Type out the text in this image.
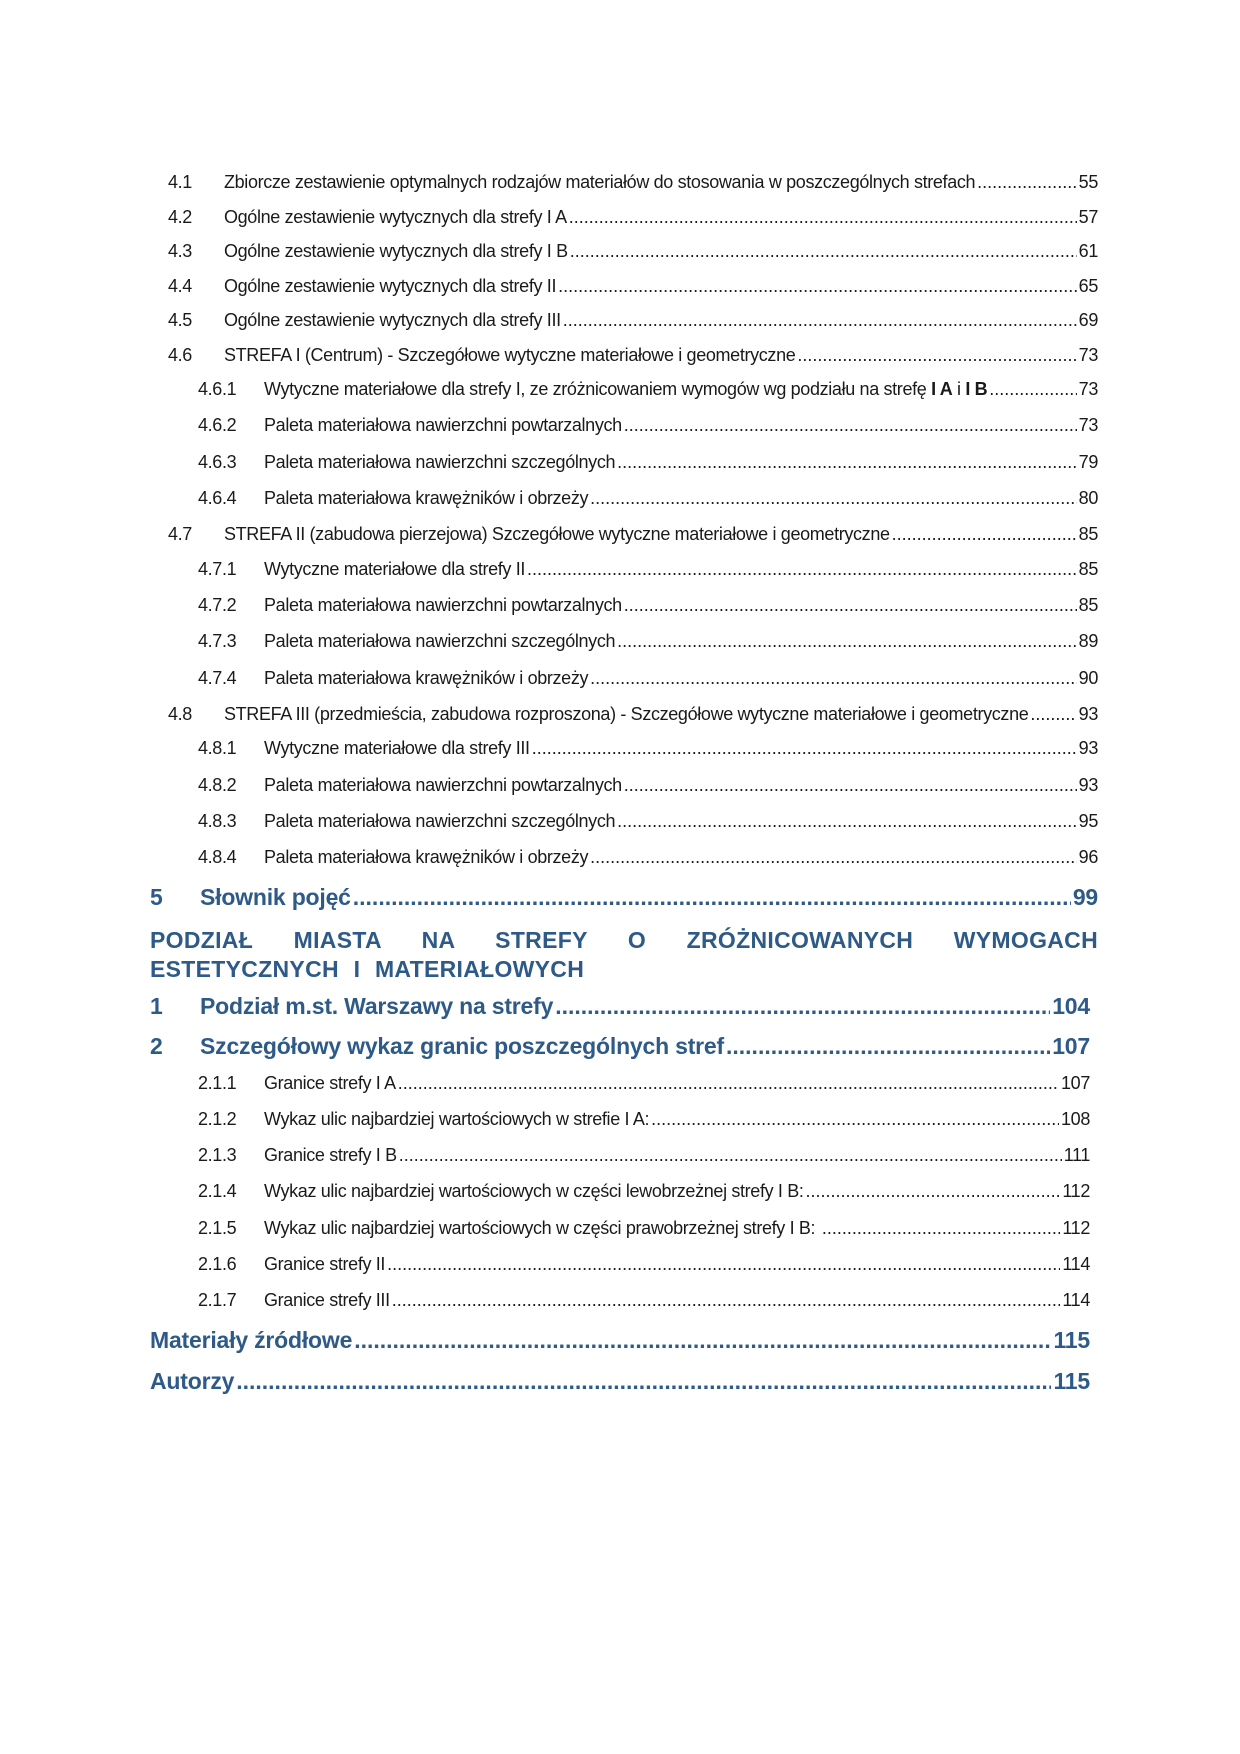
4.1	Zbiorcze zestawienie optymalnych rodzajów materiałów do stosowania w poszczególnych strefach .....	55
4.2	Ogólne zestawienie wytycznych dla strefy I A .....	57
4.3	Ogólne zestawienie wytycznych dla strefy I B .....	61
4.4	Ogólne zestawienie wytycznych dla strefy II .....	65
4.5	Ogólne zestawienie wytycznych dla strefy III .....	69
4.6	STREFA I (Centrum) - Szczegółowe wytyczne materiałowe i geometryczne .....	73
4.6.1	Wytyczne materiałowe dla strefy I, ze zróżnicowaniem wymogów wg podziału na strefę I A i I B .....	73
4.6.2	Paleta materiałowa nawierzchni powtarzalnych .....	73
4.6.3	Paleta materiałowa nawierzchni szczególnych .....	79
4.6.4	Paleta materiałowa krawężników i obrzeży .....	80
4.7	STREFA II (zabudowa pierzejowa) Szczegółowe wytyczne materiałowe i geometryczne .....	85
4.7.1	Wytyczne materiałowe dla strefy II .....	85
4.7.2	Paleta materiałowa nawierzchni powtarzalnych .....	85
4.7.3	Paleta materiałowa nawierzchni szczególnych .....	89
4.7.4	Paleta materiałowa krawężników i obrzeży .....	90
4.8	STREFA III (przedmieścia, zabudowa rozproszona) - Szczegółowe wytyczne materiałowe i geometryczne .....	93
4.8.1	Wytyczne materiałowe dla strefy III .....	93
4.8.2	Paleta materiałowa nawierzchni powtarzalnych .....	93
4.8.3	Paleta materiałowa nawierzchni szczególnych .....	95
4.8.4	Paleta materiałowa krawężników i obrzeży .....	96
5	Słownik pojęć .....	99
PODZIAŁ MIASTA NA STREFY O ZRÓŻNICOWANYCH WYMOGACH ESTETYCZNYCH I MATERIAŁOWYCH
1	Podział m.st. Warszawy na strefy .....	104
2	Szczegółowy wykaz granic poszczególnych stref .....	107
2.1.1	Granice strefy I A .....	107
2.1.2	Wykaz ulic najbardziej wartościowych w strefie I A: .....	108
2.1.3	Granice strefy I B .....	111
2.1.4	Wykaz ulic najbardziej wartościowych w części lewobrzeżnej strefy I B: .....	112
2.1.5	Wykaz ulic najbardziej wartościowych w części prawobrzeżnej strefy I B: .....	112
2.1.6	Granice strefy II .....	114
2.1.7	Granice strefy III .....	114
Materiały źródłowe .....	115
Autorzy .....	115
